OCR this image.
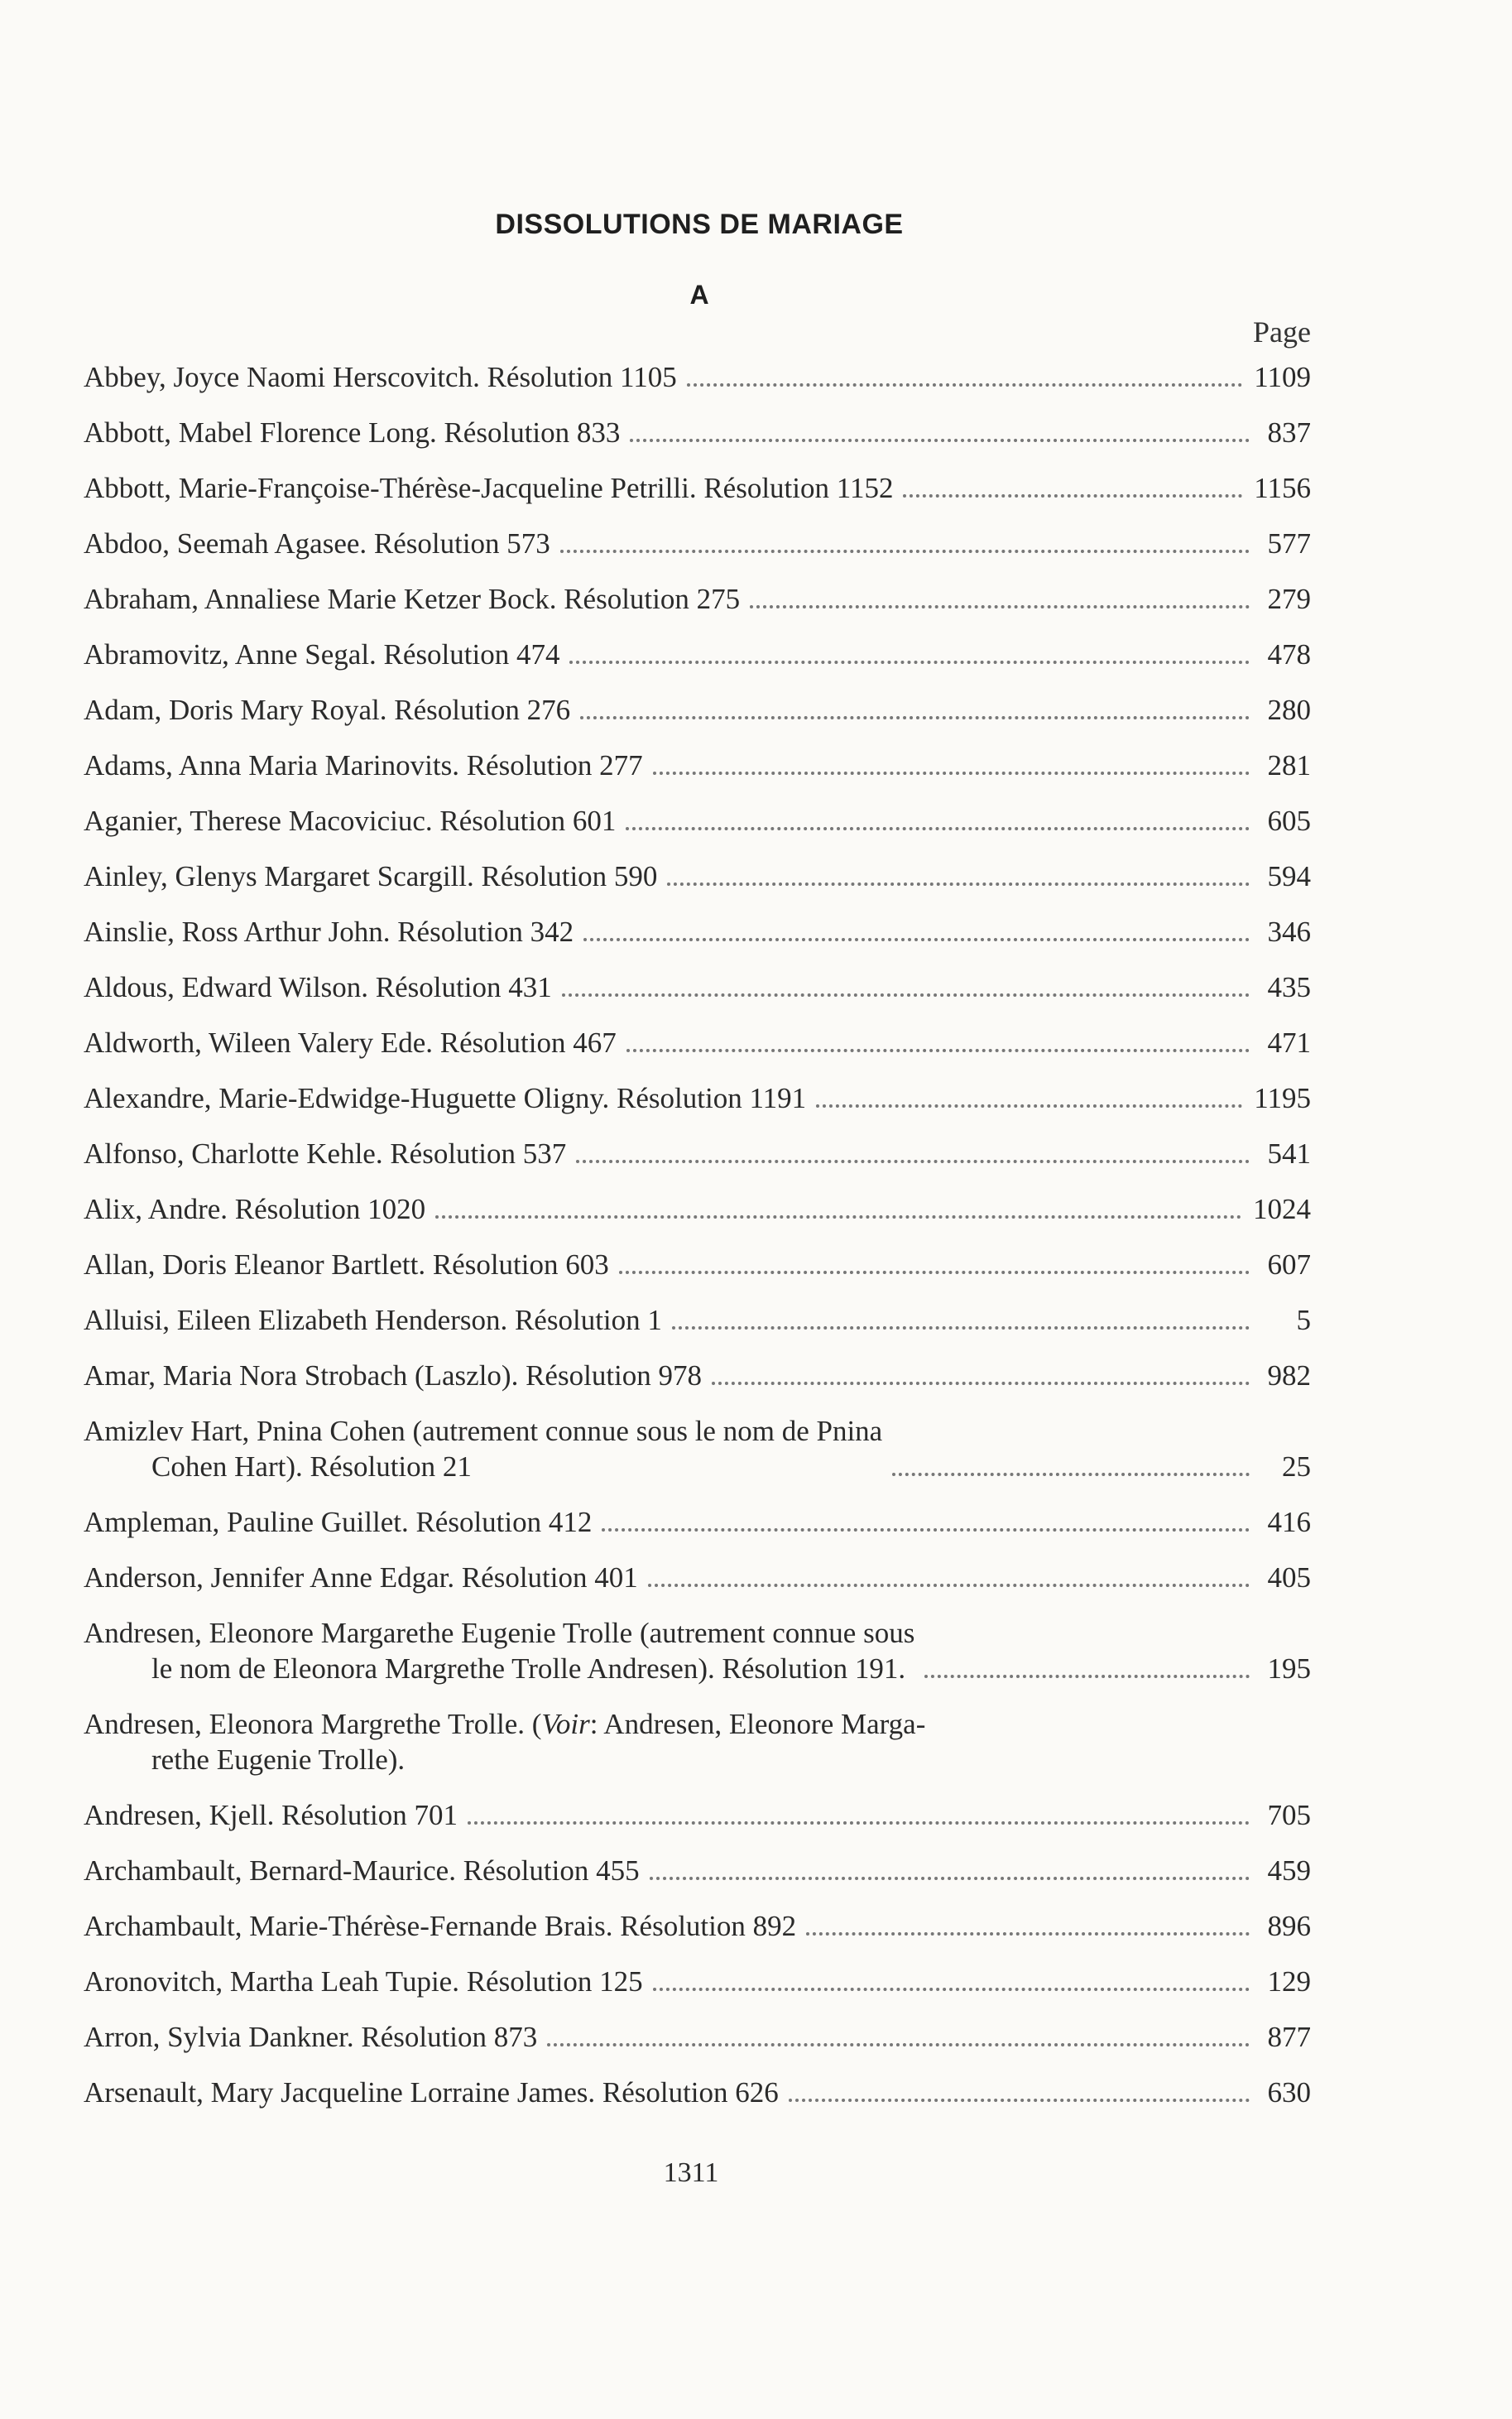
DISSOLUTIONS DE MARIAGE
A
Page
Abbey, Joyce Naomi Herscovitch. Résolution 1105	1109
Abbott, Mabel Florence Long. Résolution 833	837
Abbott, Marie-Françoise-Thérèse-Jacqueline Petrilli. Résolution 1152	1156
Abdoo, Seemah Agasee. Résolution 573	577
Abraham, Annaliese Marie Ketzer Bock. Résolution 275	279
Abramovitz, Anne Segal. Résolution 474	478
Adam, Doris Mary Royal. Résolution 276	280
Adams, Anna Maria Marinovits. Résolution 277	281
Aganier, Therese Macoviciuc. Résolution 601	605
Ainley, Glenys Margaret Scargill. Résolution 590	594
Ainslie, Ross Arthur John. Résolution 342	346
Aldous, Edward Wilson. Résolution 431	435
Aldworth, Wileen Valery Ede. Résolution 467	471
Alexandre, Marie-Edwidge-Huguette Oligny. Résolution 1191	1195
Alfonso, Charlotte Kehle. Résolution 537	541
Alix, Andre. Résolution 1020	1024
Allan, Doris Eleanor Bartlett. Résolution 603	607
Alluisi, Eileen Elizabeth Henderson. Résolution 1	5
Amar, Maria Nora Strobach (Laszlo). Résolution 978	982
Amizlev Hart, Pnina Cohen (autrement connue sous le nom de Pnina
Cohen Hart). Résolution 21	25
Ampleman, Pauline Guillet. Résolution 412	416
Anderson, Jennifer Anne Edgar. Résolution 401	405
Andresen, Eleonore Margarethe Eugenie Trolle (autrement connue sous
le nom de Eleonora Margrethe Trolle Andresen). Résolution 191.	195
Andresen, Eleonora Margrethe Trolle. (Voir: Andresen, Eleonore Marga-
rethe Eugenie Trolle).
Andresen, Kjell. Résolution 701	705
Archambault, Bernard-Maurice. Résolution 455	459
Archambault, Marie-Thérèse-Fernande Brais. Résolution 892	896
Aronovitch, Martha Leah Tupie. Résolution 125	129
Arron, Sylvia Dankner. Résolution 873	877
Arsenault, Mary Jacqueline Lorraine James. Résolution 626	630
1311
